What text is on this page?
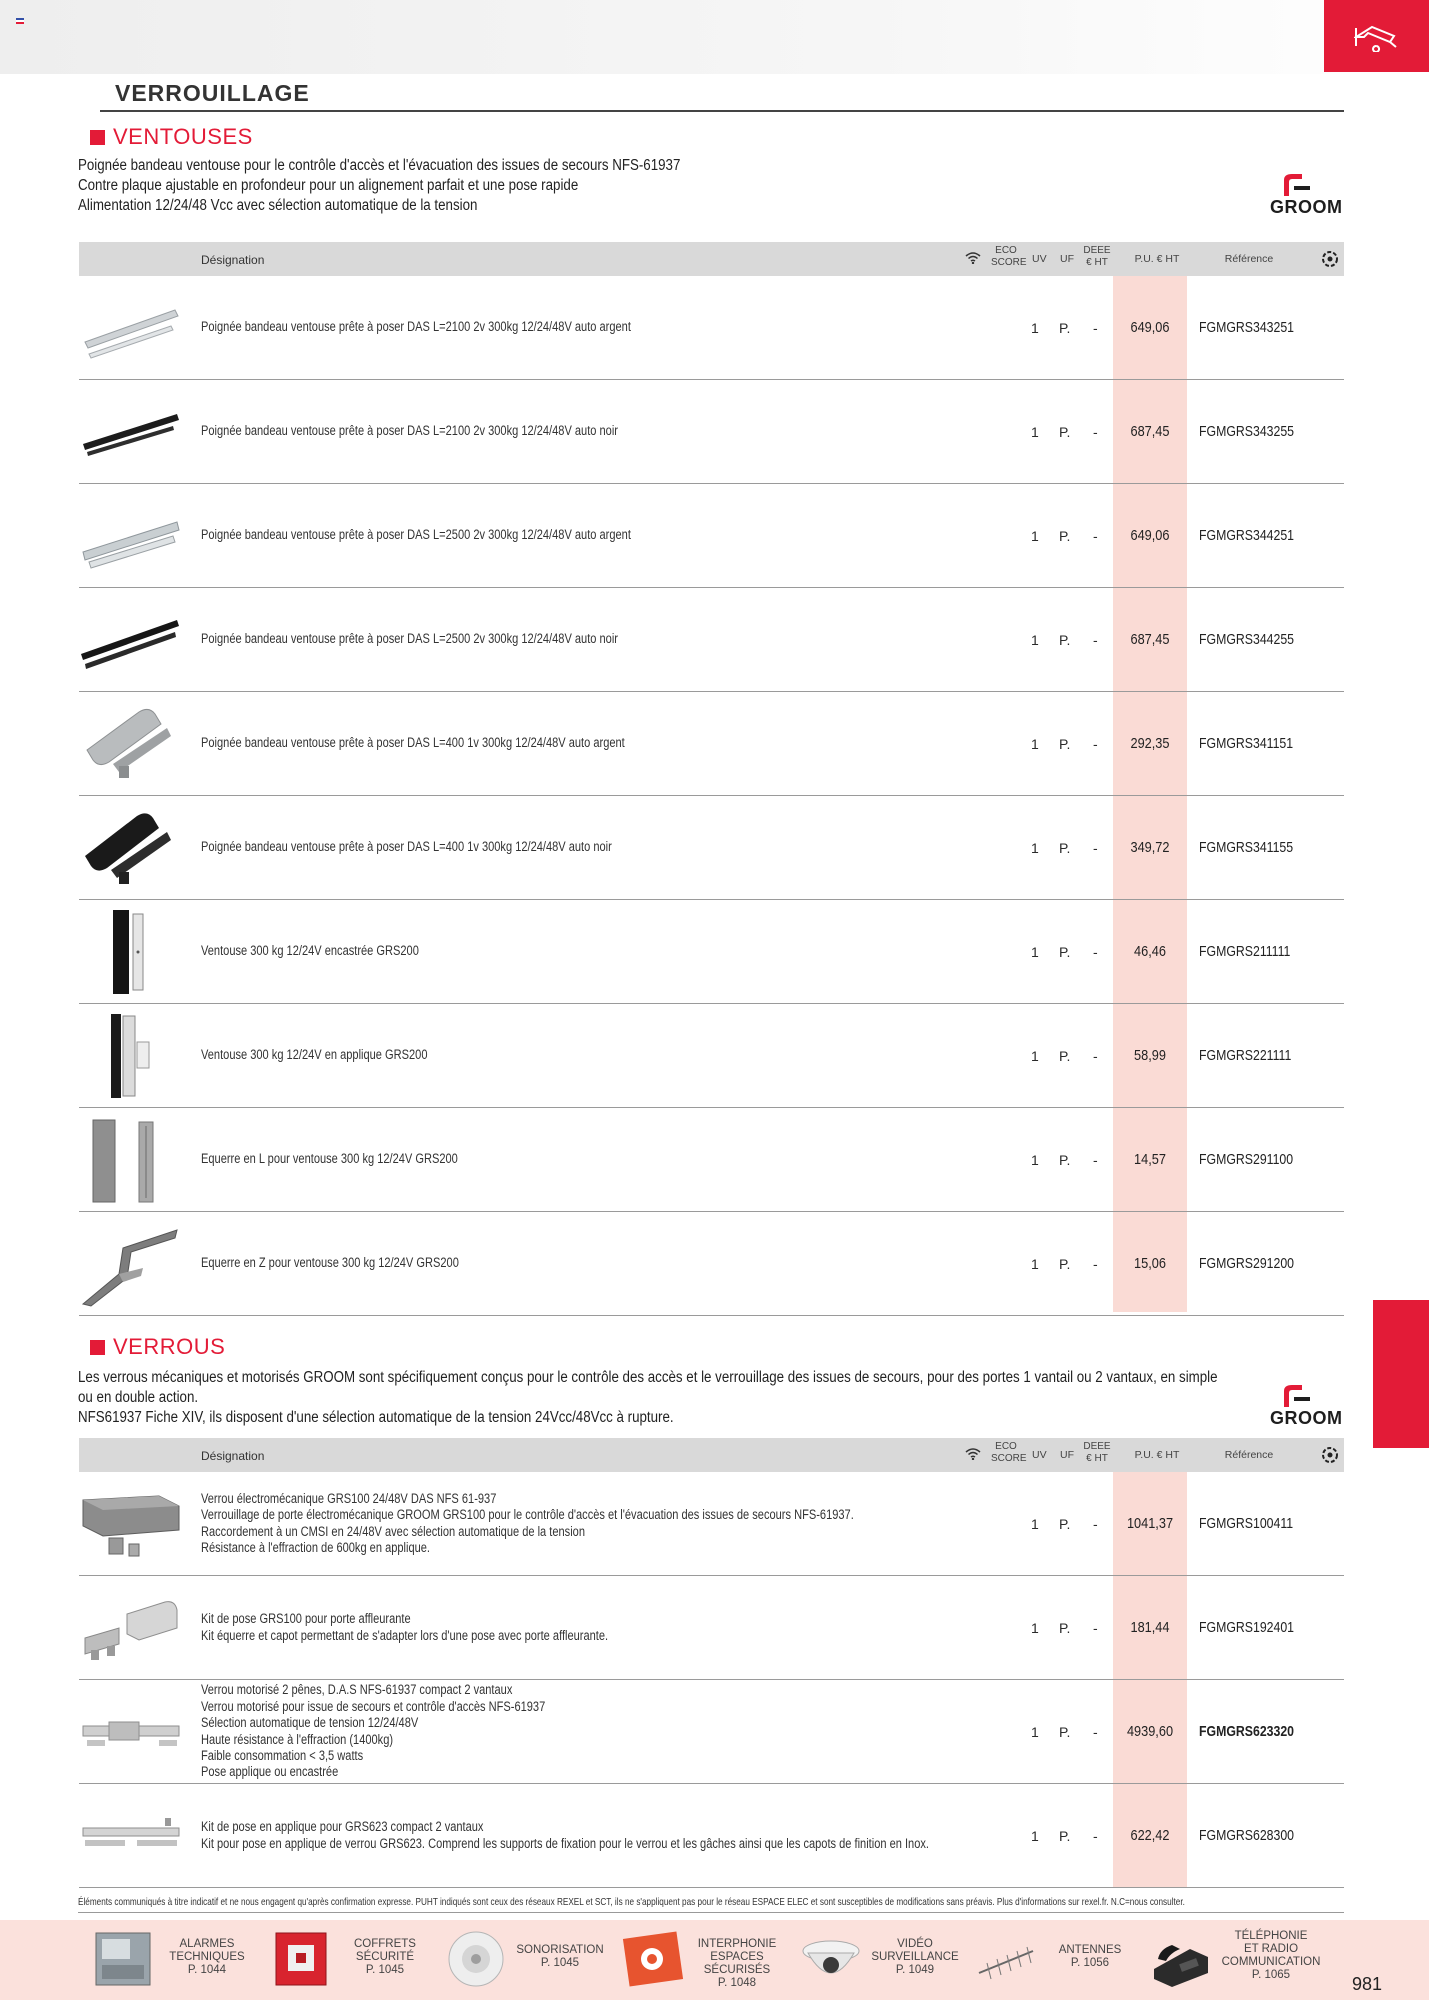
VERROUILLAGE
VENTOUSES

Poignée bandeau ventouse pour le contrôle d'accès et l'évacuation des issues de secours NFS-61937

Contre plaque ajustable en profondeur pour un alignement parfait et une pose rapide

Alimentation 12/24/48 Vcc avec sélection automatique de la tension	GROOM
Désignation
ECO
SCORE UV UF
DEEE
€ HT	P.U. € HT	Référence
Poignée bandeau ventouse prête à poser DAS L=2100 2v 300kg 12/24/48V auto argent	1 P. -	649,06	FGMGRS343251
Poignée bandeau ventouse prête à poser DAS L=2100 2v 300kg 12/24/48V auto noir	1 P. -	687,45	FGMGRS343255
Poignée bandeau ventouse prête à poser DAS L=2500 2v 300kg 12/24/48V auto argent	1 P. -	649,06	FGMGRS344251
Poignée bandeau ventouse prête à poser DAS L=2500 2v 300kg 12/24/48V auto noir	1 P. -	687,45	FGMGRS344255
Poignée bandeau ventouse prête à poser DAS L=400 1v 300kg 12/24/48V auto argent	1 P. -	292,35	FGMGRS341151
Poignée bandeau ventouse prête à poser DAS L=400 1v 300kg 12/24/48V auto noir	1 P. -	349,72	FGMGRS341155
Ventouse 300 kg 12/24V encastrée GRS200	1 P. -	46,46	FGMGRS211111
Ventouse 300 kg 12/24V en applique GRS200	1 P. -	58,99	FGMGRS221111
Equerre en L pour ventouse 300 kg 12/24V GRS200	1 P. -	14,57	FGMGRS291100
Equerre en Z pour ventouse 300 kg 12/24V GRS200	1 P. -	15,06	FGMGRS291200
VERROUS

Les verrous mécaniques et motorisés GROOM sont spécifiquement conçus pour le contrôle des accès et le verrouillage des issues de secours, pour des portes 1 vantail ou 2 vantaux, en simple

ou en double action.

NFS61937 Fiche XIV, ils disposent d'une sélection automatique de la tension 24Vcc/48Vcc à rupture.	GROOM
Désignation
ECO
SCORE UV UF
DEEE
€ HT	P.U. € HT	Référence
Verrou électromécanique GRS100 24/48V DAS NFS 61-937
Verrouillage de porte électromécanique GROOM GRS100 pour le contrôle d'accès et l'évacuation des issues de secours NFS-61937.
Raccordement à un CMSI en 24/48V avec sélection automatique de la tension
Résistance à l'effraction de 600kg en applique.
1 P. -	1041,37	FGMGRS100411
Kit de pose GRS100 pour porte affleurante
Kit équerre et capot permettant de s'adapter lors d'une pose avec porte affleurante.	1 P. -	181,44	FGMGRS192401
Verrou motorisé 2 pênes, D.A.S NFS-61937 compact 2 vantaux
Verrou motorisé pour issue de secours et contrôle d'accès NFS-61937
Sélection automatique de tension 12/24/48V
Haute résistance à l'effraction (1400kg)
Faible consommation < 3,5 watts
Pose applique ou encastrée
1 P. -	4939,60	FGMGRS623320
Kit de pose en applique pour GRS623 compact 2 vantaux
Kit pour pose en applique de verrou GRS623. Comprend les supports de fixation pour le verrou et les gâches ainsi que les capots de finition en Inox.	1 P. -	622,42	FGMGRS628300
Éléments communiqués à titre indicatif et ne nous engagent qu'après confirmation expresse. PUHT indiqués sont ceux des réseaux REXEL et SCT, ils ne s'appliquent pas pour le réseau ESPACE ELEC et sont susceptibles de modifications sans préavis. Plus d'informations sur rexel.fr. N.C=nous consulter.
ALARMES
TECHNIQUES
P. 1044
COFFRETS
SÉCURITÉ
P. 1045
SONORISATION
P. 1045
INTERPHONIE
ESPACES SÉCURISÉS
P. 1048
VIDÉO
SURVEILLANCE
P. 1049
ANTENNES
P. 1056
TÉLÉPHONIE
ET RADIO
COMMUNICATION
P. 1065	981
